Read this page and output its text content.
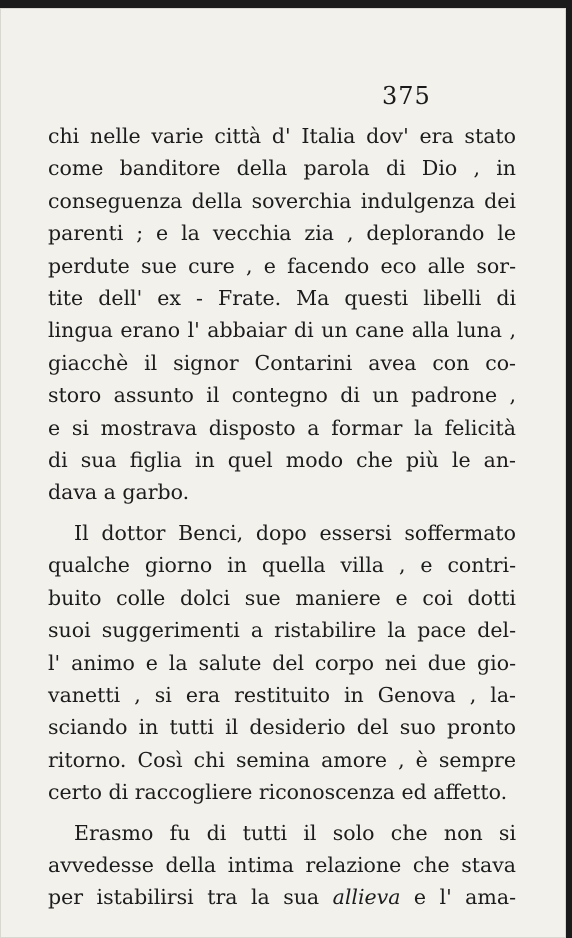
375
chi nelle varie città d' Italia dov' era stato
come banditore della parola di Dio , in
conseguenza della soverchia indulgenza dei
parenti ; e la vecchia zia , deplorando le
perdute sue cure , e facendo eco alle sor-
tite dell' ex - Frate. Ma questi libelli di
lingua erano l' abbaiar di un cane alla luna ,
giacchè il signor Contarini avea con co-
storo assunto il contegno di un padrone ,
e si mostrava disposto a formar la felicità
di sua figlia in quel modo che più le an-
dava a garbo.
Il dottor Benci, dopo essersi soffermato
qualche giorno in quella villa , e contri-
buito colle dolci sue maniere e coi dotti
suoi suggerimenti a ristabilire la pace del-
l' animo e la salute del corpo nei due gio-
vanetti , si era restituito in Genova , la-
sciando in tutti il desiderio del suo pronto
ritorno. Così chi semina amore , è sempre
certo di raccogliere riconoscenza ed affetto.
Erasmo fu di tutti il solo che non si
avvedesse della intima relazione che stava
per istabilirsi tra la sua allieva e l' ama-
